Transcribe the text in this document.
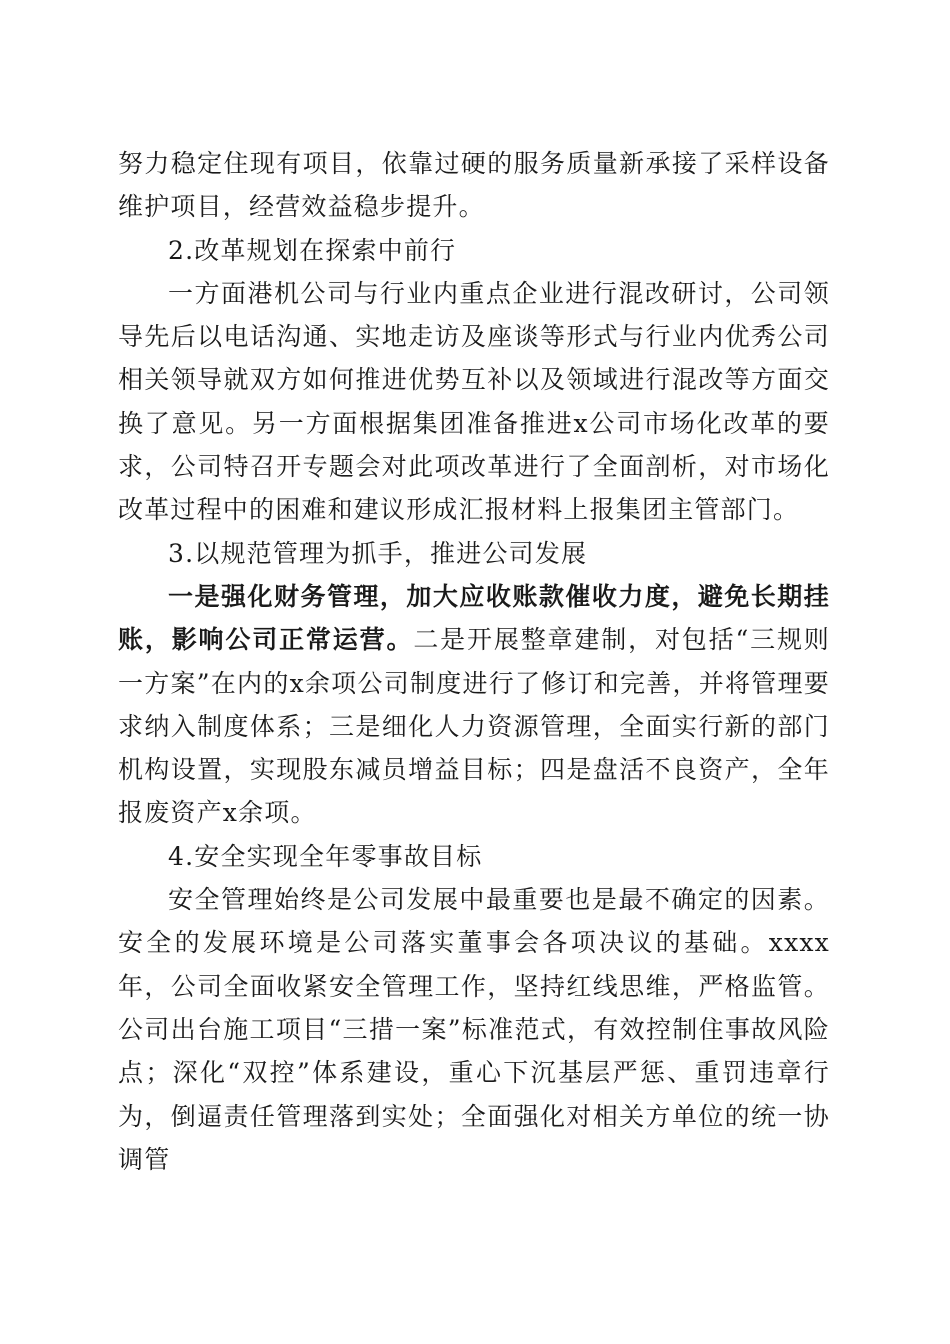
努力稳定住现有项目，依靠过硬的服务质量新承接了采样设备维护项目，经营效益稳步提升。

2.改革规划在探索中前行

一方面港机公司与行业内重点企业进行混改研讨，公司领导先后以电话沟通、实地走访及座谈等形式与行业内优秀公司相关领导就双方如何推进优势互补以及领域进行混改等方面交换了意见。另一方面根据集团准备推进x公司市场化改革的要求，公司特召开专题会对此项改革进行了全面剖析，对市场化改革过程中的困难和建议形成汇报材料上报集团主管部门。

3.以规范管理为抓手，推进公司发展

一是强化财务管理，加大应收账款催收力度，避免长期挂账，影响公司正常运营。二是开展整章建制，对包括“三规则一方案”在内的x余项公司制度进行了修订和完善，并将管理要求纳入制度体系；三是细化人力资源管理，全面实行新的部门机构设置，实现股东减员增益目标；四是盘活不良资产，全年报废资产x余项。

4.安全实现全年零事故目标

安全管理始终是公司发展中最重要也是最不确定的因素。安全的发展环境是公司落实董事会各项决议的基础。xxxx年，公司全面收紧安全管理工作，坚持红线思维，严格监管。公司出台施工项目“三措一案”标准范式，有效控制住事故风险点；深化“双控”体系建设，重心下沉基层严惩、重罚违章行为，倒逼责任管理落到实处；全面强化对相关方单位的统一协调管
